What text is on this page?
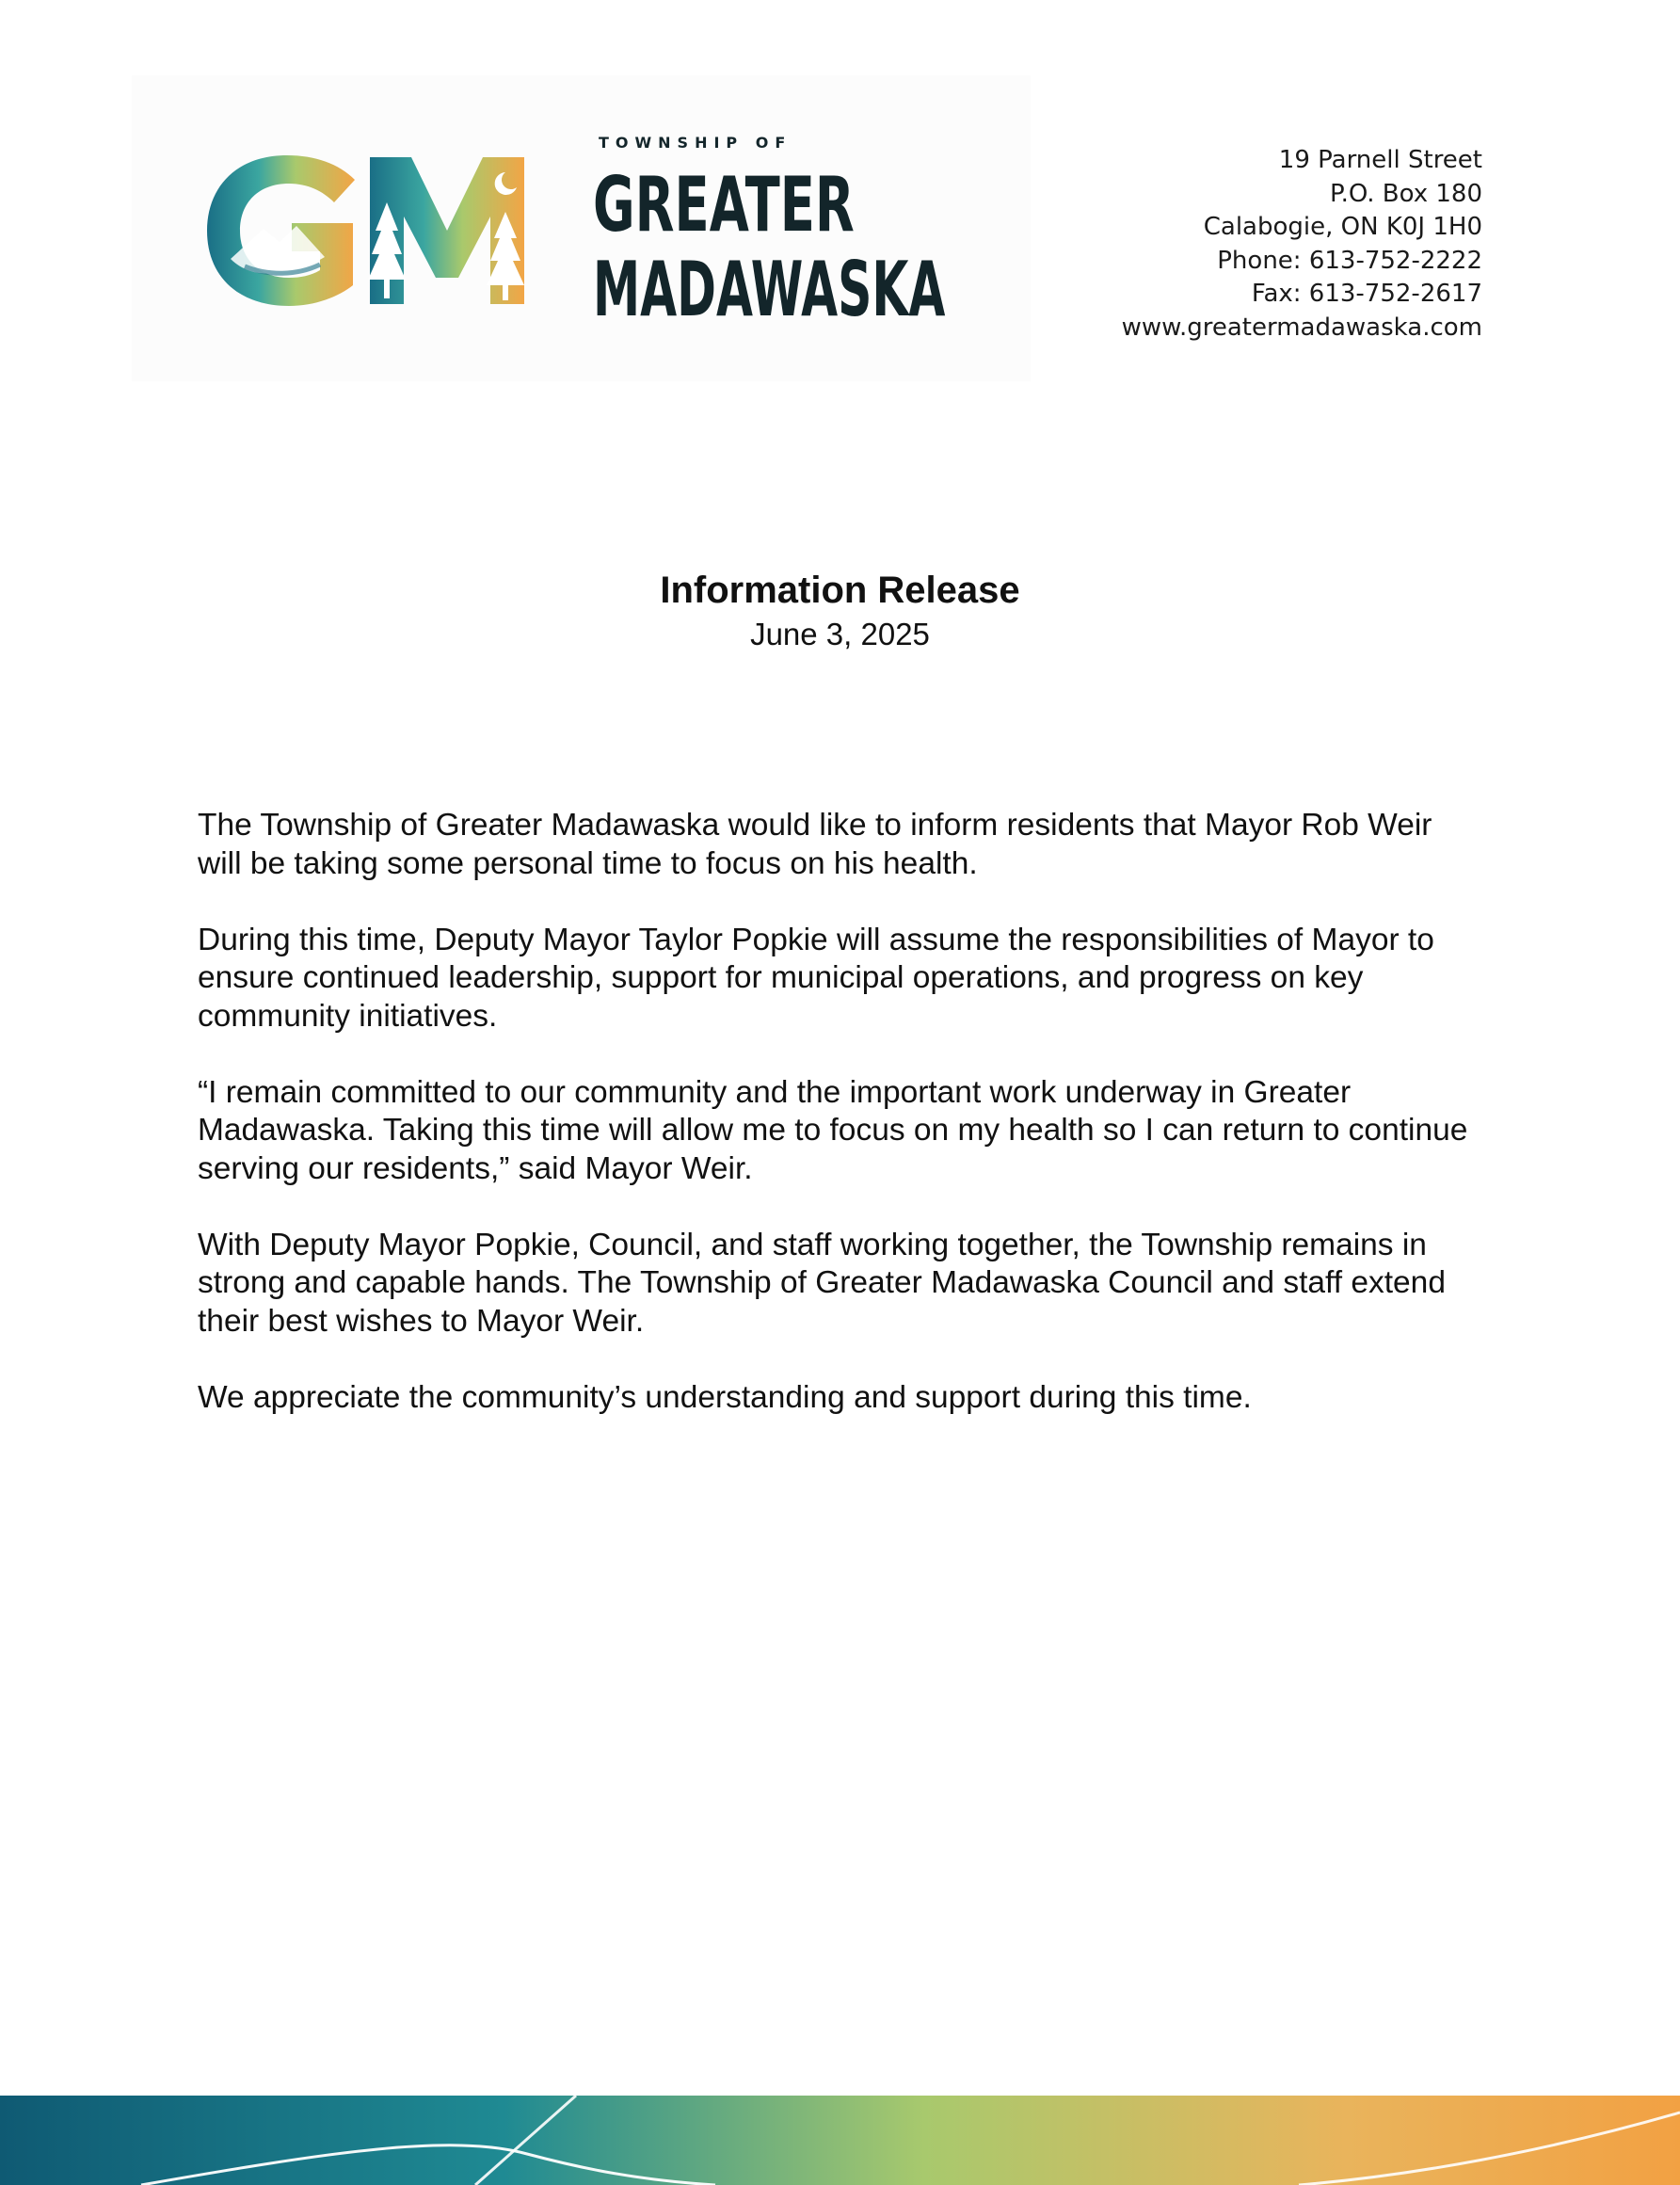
TOWNSHIP OF
GREATER
MADAWASKA
19 Parnell Street
P.O. Box 180
Calabogie, ON K0J 1H0
Phone: 613-752-2222
Fax: 613-752-2617
www.greatermadawaska.com
Information Release
June 3, 2025

The Township of Greater Madawaska would like to inform residents that Mayor Rob Weir will be taking some personal time to focus on his health.

During this time, Deputy Mayor Taylor Popkie will assume the responsibilities of Mayor to ensure continued leadership, support for municipal operations, and progress on key community initiatives.

“I remain committed to our community and the important work underway in Greater Madawaska. Taking this time will allow me to focus on my health so I can return to continue serving our residents,” said Mayor Weir.

With Deputy Mayor Popkie, Council, and staff working together, the Township remains in strong and capable hands. The Township of Greater Madawaska Council and staff extend their best wishes to Mayor Weir.

We appreciate the community’s understanding and support during this time.
